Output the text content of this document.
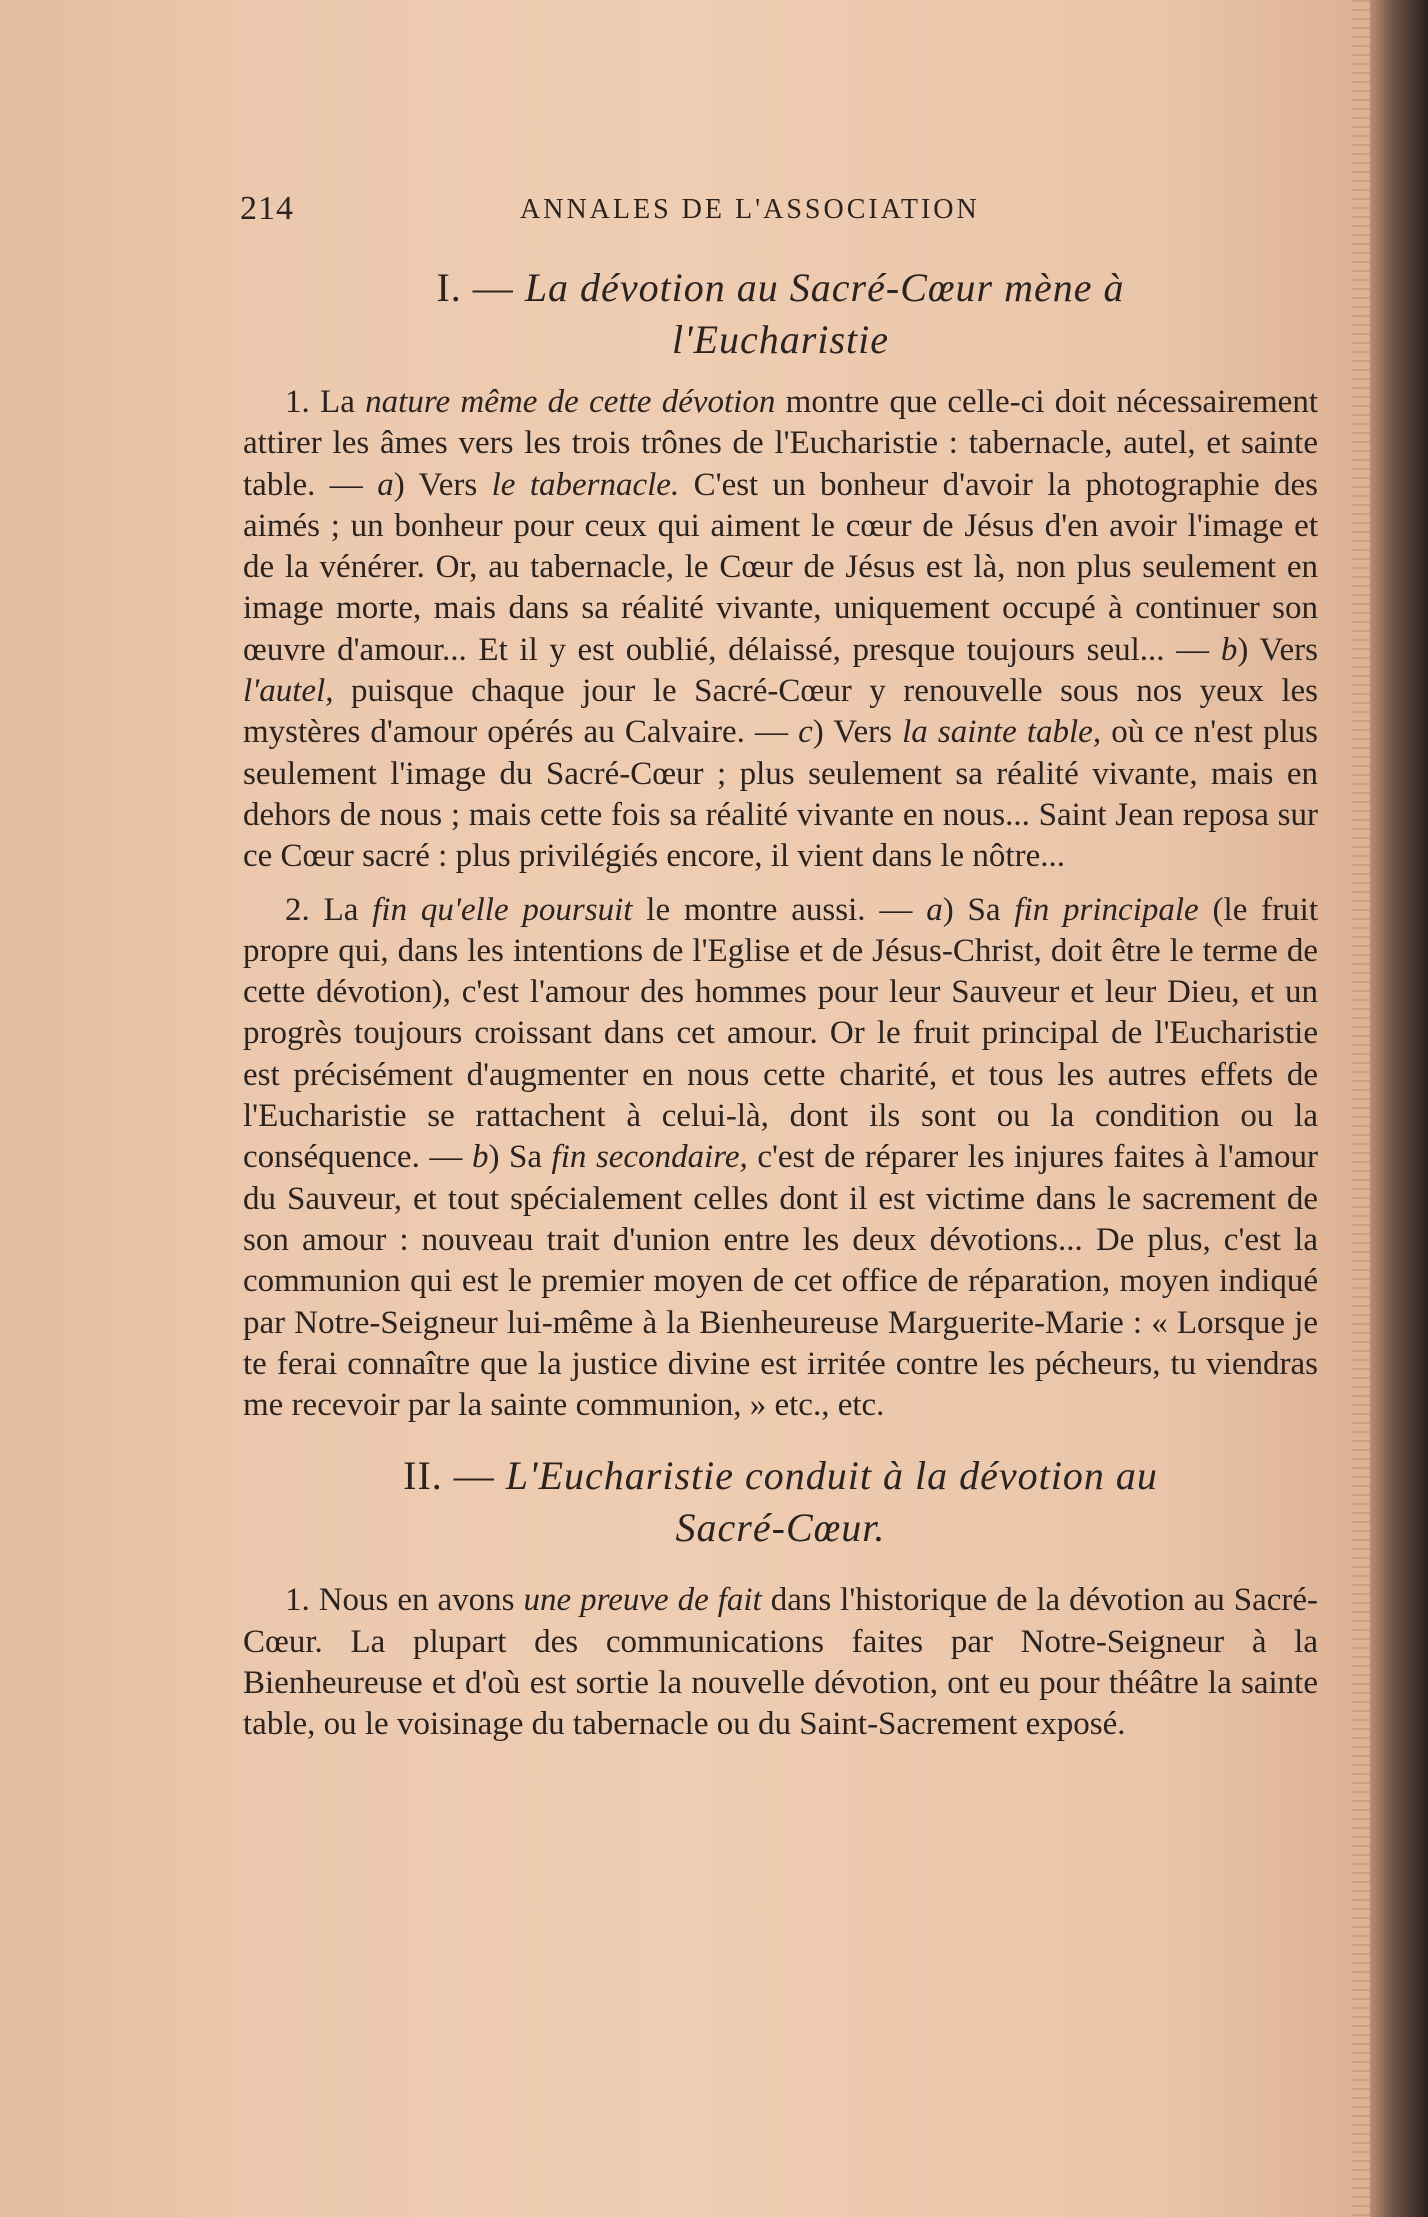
214	ANNALES DE L'ASSOCIATION
I. — La dévotion au Sacré-Cœur mène à
l'Eucharistie

1. La nature même de cette dévotion montre que celle-ci doit nécessairement attirer les âmes vers les trois trônes de l'Eucharistie : tabernacle, autel, et sainte table. — a) Vers le tabernacle. C'est un bonheur d'avoir la photographie des aimés ; un bonheur pour ceux qui aiment le cœur de Jésus d'en avoir l'image et de la vénérer. Or, au tabernacle, le Cœur de Jésus est là, non plus seulement en image morte, mais dans sa réalité vivante, uniquement occupé à continuer son œuvre d'amour... Et il y est oublié, délaissé, presque toujours seul... — b) Vers l'autel, puisque chaque jour le Sacré-Cœur y renouvelle sous nos yeux les mystères d'amour opérés au Calvaire. — c) Vers la sainte table, où ce n'est plus seulement l'image du Sacré-Cœur ; plus seulement sa réalité vivante, mais en dehors de nous ; mais cette fois sa réalité vivante en nous... Saint Jean reposa sur ce Cœur sacré : plus privilégiés encore, il vient dans le nôtre...

2. La fin qu'elle poursuit le montre aussi. — a) Sa fin principale (le fruit propre qui, dans les intentions de l'Eglise et de Jésus-Christ, doit être le terme de cette dévotion), c'est l'amour des hommes pour leur Sauveur et leur Dieu, et un progrès toujours croissant dans cet amour. Or le fruit principal de l'Eucharistie est précisément d'augmenter en nous cette charité, et tous les autres effets de l'Eucharistie se rattachent à celui-là, dont ils sont ou la condition ou la conséquence. — b) Sa fin secondaire, c'est de réparer les injures faites à l'amour du Sauveur, et tout spécialement celles dont il est victime dans le sacrement de son amour : nouveau trait d'union entre les deux dévotions... De plus, c'est la communion qui est le premier moyen de cet office de réparation, moyen indiqué par Notre-Seigneur lui-même à la Bienheureuse Marguerite-Marie : « Lorsque je te ferai connaître que la justice divine est irritée contre les pécheurs, tu viendras me recevoir par la sainte communion, » etc., etc.

II. — L'Eucharistie conduit à la dévotion au
Sacré-Cœur.

1. Nous en avons une preuve de fait dans l'historique de la dévotion au Sacré-Cœur. La plupart des communications faites par Notre-Seigneur à la Bienheureuse et d'où est sortie la nouvelle dévotion, ont eu pour théâtre la sainte table, ou le voisinage du tabernacle ou du Saint-Sacrement exposé.
